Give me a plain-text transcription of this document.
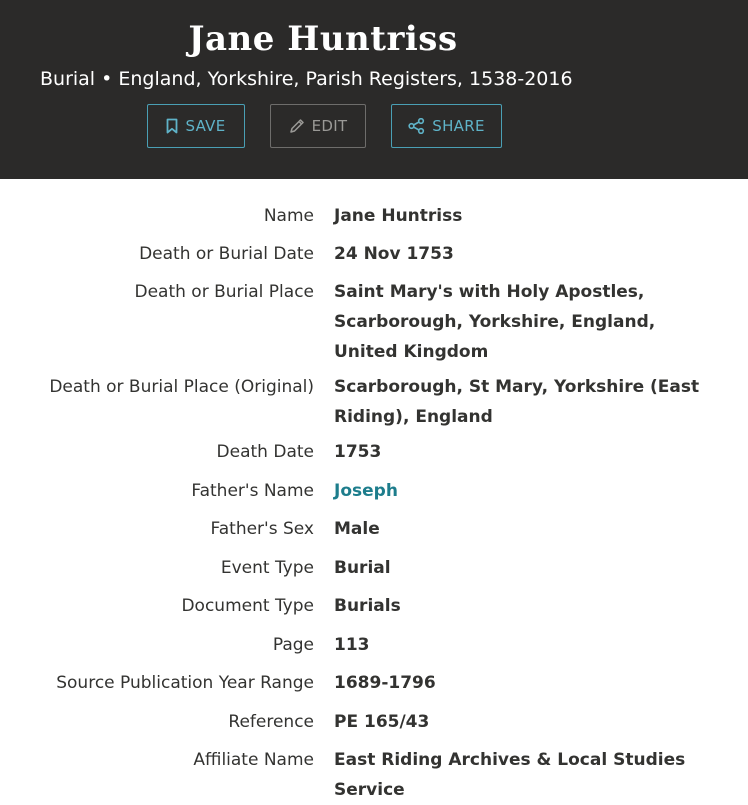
Jane Huntriss
Burial • England, Yorkshire, Parish Registers, 1538-2016
SAVE	EDIT	SHARE
Name Jane Huntriss
Death or Burial Date 24 Nov 1753
Death or Burial Place Saint Mary's with Holy Apostles, Scarborough, Yorkshire, England, United Kingdom
Death or Burial Place (Original) Scarborough, St Mary, Yorkshire (East Riding), England
Death Date 1753
Father's Name Joseph
Father's Sex Male
Event Type Burial
Document Type Burials
Page 113
Source Publication Year Range 1689-1796
Reference PE 165/43
Affiliate Name East Riding Archives & Local Studies Service
